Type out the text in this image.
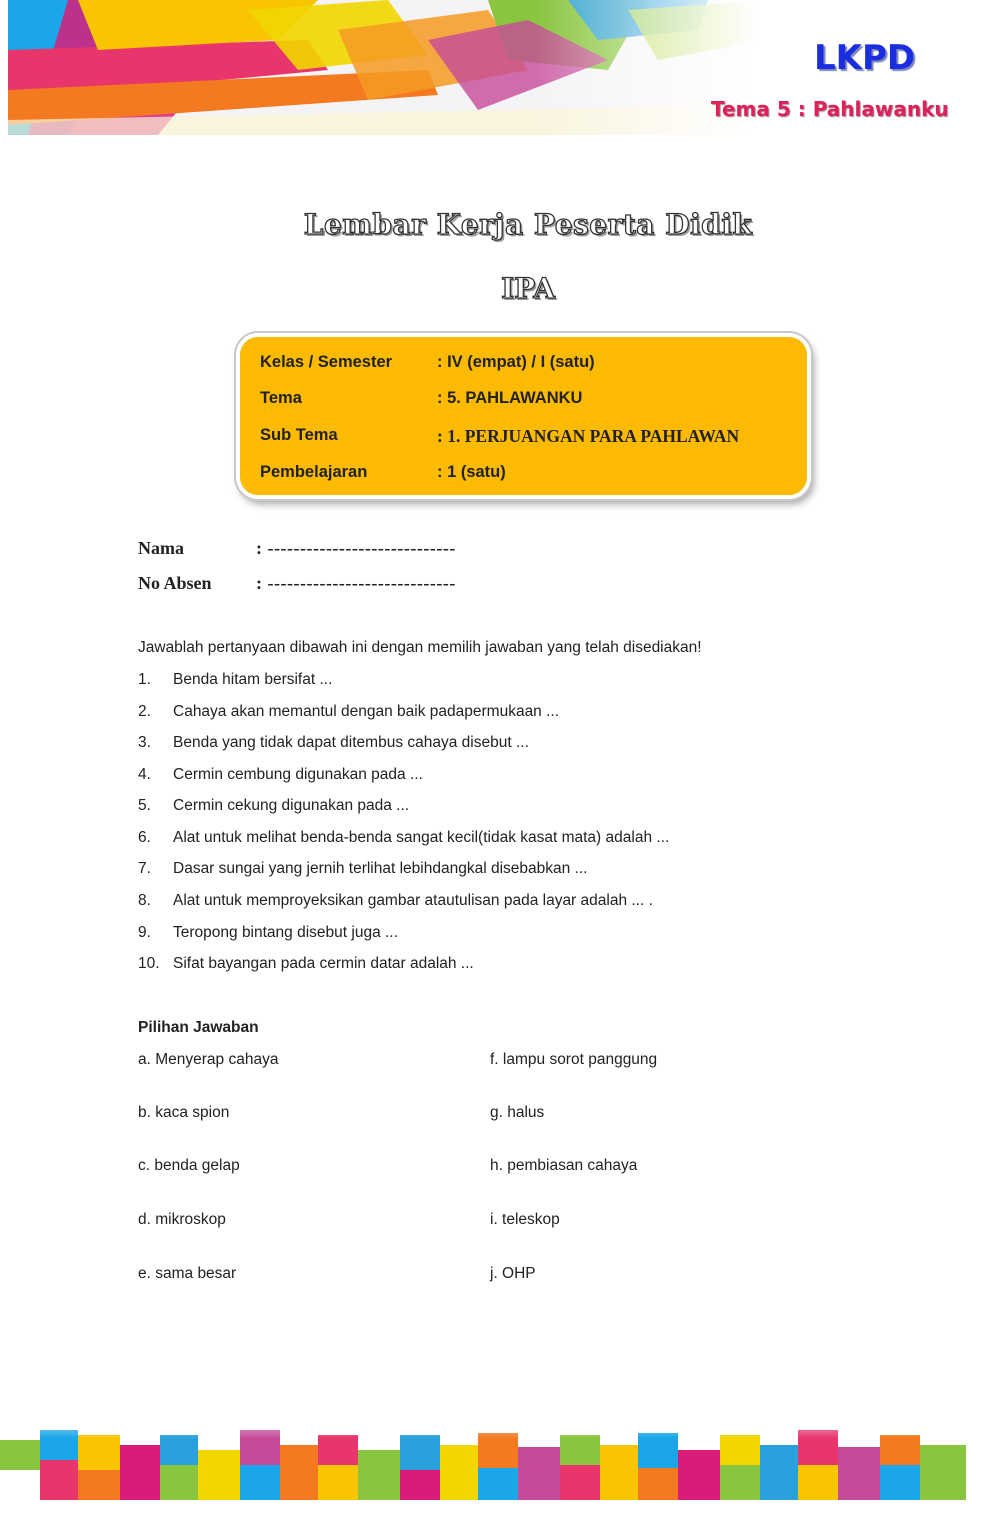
LKPD
Tema 5 : Pahlawanku
Lembar Kerja Peserta Didik
IPA
Kelas / Semester	: IV (empat) / I (satu)
Tema	: 5. PAHLAWANKU
Sub Tema	: 1. PERJUANGAN PARA PAHLAWAN
Pembelajaran	: 1 (satu)
Nama	: -----------------------------
No Absen : -----------------------------
Jawablah pertanyaan dibawah ini dengan memilih jawaban yang telah disediakan!
1. Benda hitam bersifat ...
2. Cahaya akan memantul dengan baik padapermukaan ...
3. Benda yang tidak dapat ditembus cahaya disebut ...
4. Cermin cembung digunakan pada ...
5. Cermin cekung digunakan pada ...
6. Alat untuk melihat benda-benda sangat kecil(tidak kasat mata) adalah ...
7. Dasar sungai yang jernih terlihat lebihdangkal disebabkan ...
8. Alat untuk memproyeksikan gambar atautulisan pada layar adalah ... .
9. Teropong bintang disebut juga ...
10. Sifat bayangan pada cermin datar adalah ...
Pilihan Jawaban
a. Menyerap cahaya
b. kaca spion
c. benda gelap
d. mikroskop
e. sama besar
f. lampu sorot panggung
g. halus
h. pembiasan cahaya
i. teleskop
j. OHP
